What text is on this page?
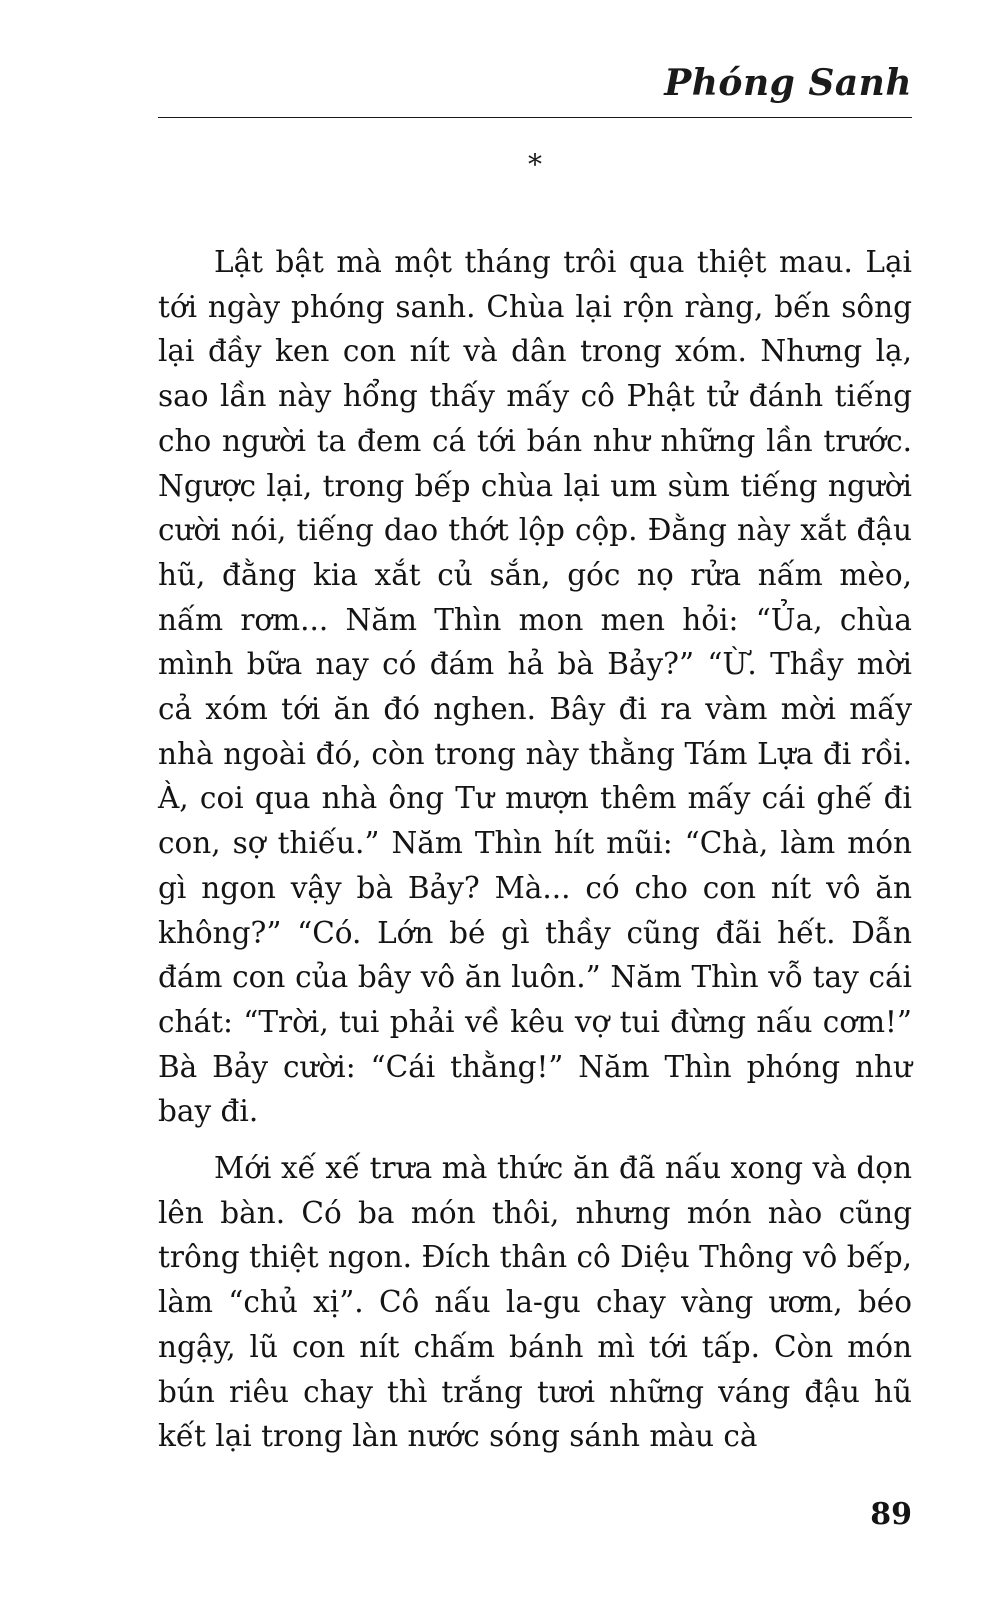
Phóng Sanh
*

Lật bật mà một tháng trôi qua thiệt mau. Lại tới ngày phóng sanh. Chùa lại rộn ràng, bến sông lại đầy ken con nít và dân trong xóm. Nhưng lạ, sao lần này hổng thấy mấy cô Phật tử đánh tiếng cho người ta đem cá tới bán như những lần trước. Ngược lại, trong bếp chùa lại um sùm tiếng người cười nói, tiếng dao thớt lộp cộp. Đằng này xắt đậu hũ, đằng kia xắt củ sắn, góc nọ rửa nấm mèo, nấm rơm... Năm Thìn mon men hỏi: “Ủa, chùa mình bữa nay có đám hả bà Bảy?” “Ừ. Thầy mời cả xóm tới ăn đó nghen. Bây đi ra vàm mời mấy nhà ngoài đó, còn trong này thằng Tám Lựa đi rồi. À, coi qua nhà ông Tư mượn thêm mấy cái ghế đi con, sợ thiếu.” Năm Thìn hít mũi: “Chà, làm món gì ngon vậy bà Bảy? Mà... có cho con nít vô ăn không?” “Có. Lớn bé gì thầy cũng đãi hết. Dẫn đám con của bây vô ăn luôn.” Năm Thìn vỗ tay cái chát: “Trời, tui phải về kêu vợ tui đừng nấu cơm!” Bà Bảy cười: “Cái thằng!” Năm Thìn phóng như bay đi.

Mới xế xế trưa mà thức ăn đã nấu xong và dọn lên bàn. Có ba món thôi, nhưng món nào cũng trông thiệt ngon. Đích thân cô Diệu Thông vô bếp, làm “chủ xị”. Cô nấu la-gu chay vàng ươm, béo ngậy, lũ con nít chấm bánh mì tới tấp. Còn món bún riêu chay thì trắng tươi những váng đậu hũ kết lại trong làn nước sóng sánh màu cà

89
